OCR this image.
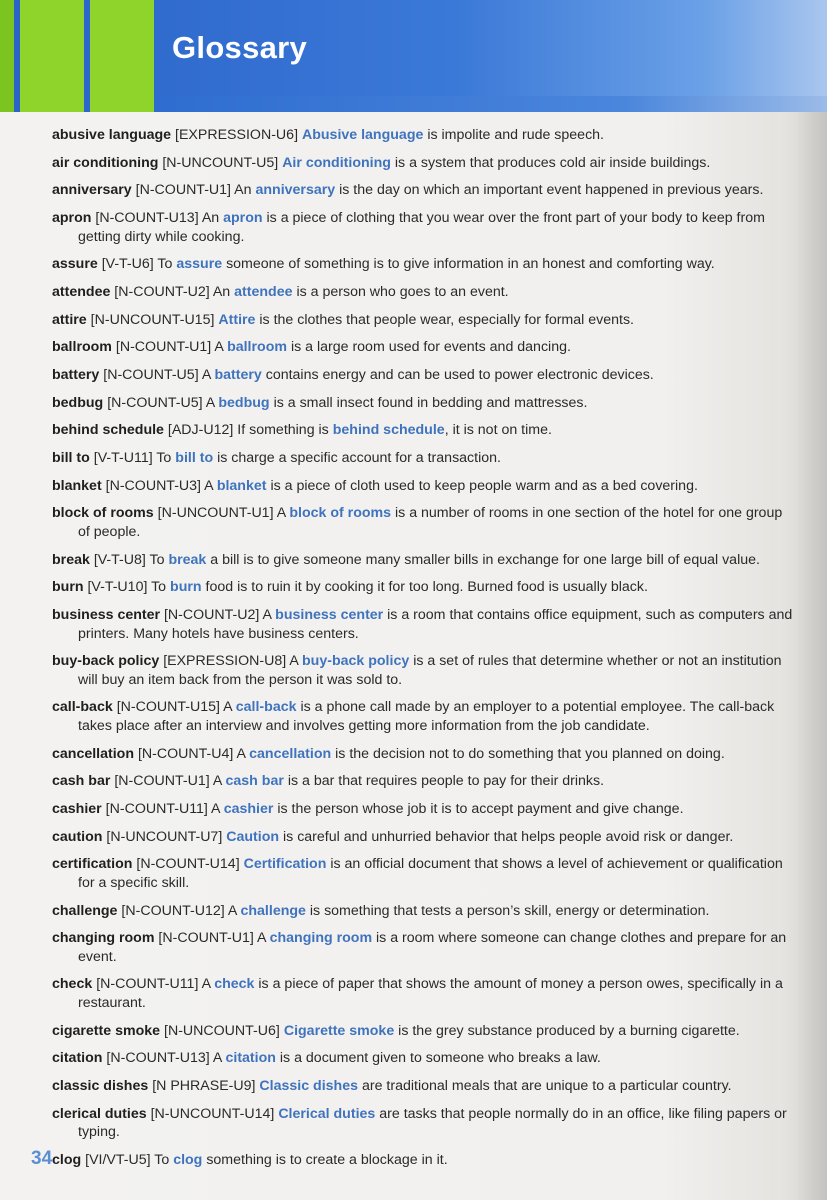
Glossary
abusive language [EXPRESSION-U6] Abusive language is impolite and rude speech.
air conditioning [N-UNCOUNT-U5] Air conditioning is a system that produces cold air inside buildings.
anniversary [N-COUNT-U1] An anniversary is the day on which an important event happened in previous years.
apron [N-COUNT-U13] An apron is a piece of clothing that you wear over the front part of your body to keep from getting dirty while cooking.
assure [V-T-U6] To assure someone of something is to give information in an honest and comforting way.
attendee [N-COUNT-U2] An attendee is a person who goes to an event.
attire [N-UNCOUNT-U15] Attire is the clothes that people wear, especially for formal events.
ballroom [N-COUNT-U1] A ballroom is a large room used for events and dancing.
battery [N-COUNT-U5] A battery contains energy and can be used to power electronic devices.
bedbug [N-COUNT-U5] A bedbug is a small insect found in bedding and mattresses.
behind schedule [ADJ-U12] If something is behind schedule, it is not on time.
bill to [V-T-U11] To bill to is charge a specific account for a transaction.
blanket [N-COUNT-U3] A blanket is a piece of cloth used to keep people warm and as a bed covering.
block of rooms [N-UNCOUNT-U1] A block of rooms is a number of rooms in one section of the hotel for one group of people.
break [V-T-U8] To break a bill is to give someone many smaller bills in exchange for one large bill of equal value.
burn [V-T-U10] To burn food is to ruin it by cooking it for too long. Burned food is usually black.
business center [N-COUNT-U2] A business center is a room that contains office equipment, such as computers and printers. Many hotels have business centers.
buy-back policy [EXPRESSION-U8] A buy-back policy is a set of rules that determine whether or not an institution will buy an item back from the person it was sold to.
call-back [N-COUNT-U15] A call-back is a phone call made by an employer to a potential employee. The call-back takes place after an interview and involves getting more information from the job candidate.
cancellation [N-COUNT-U4] A cancellation is the decision not to do something that you planned on doing.
cash bar [N-COUNT-U1] A cash bar is a bar that requires people to pay for their drinks.
cashier [N-COUNT-U11] A cashier is the person whose job it is to accept payment and give change.
caution [N-UNCOUNT-U7] Caution is careful and unhurried behavior that helps people avoid risk or danger.
certification [N-COUNT-U14] Certification is an official document that shows a level of achievement or qualification for a specific skill.
challenge [N-COUNT-U12] A challenge is something that tests a person’s skill, energy or determination.
changing room [N-COUNT-U1] A changing room is a room where someone can change clothes and prepare for an event.
check [N-COUNT-U11] A check is a piece of paper that shows the amount of money a person owes, specifically in a restaurant.
cigarette smoke [N-UNCOUNT-U6] Cigarette smoke is the grey substance produced by a burning cigarette.
citation [N-COUNT-U13] A citation is a document given to someone who breaks a law.
classic dishes [N PHRASE-U9] Classic dishes are traditional meals that are unique to a particular country.
clerical duties [N-UNCOUNT-U14] Clerical duties are tasks that people normally do in an office, like filing papers or typing.
clog [VI/VT-U5] To clog something is to create a blockage in it.
34
